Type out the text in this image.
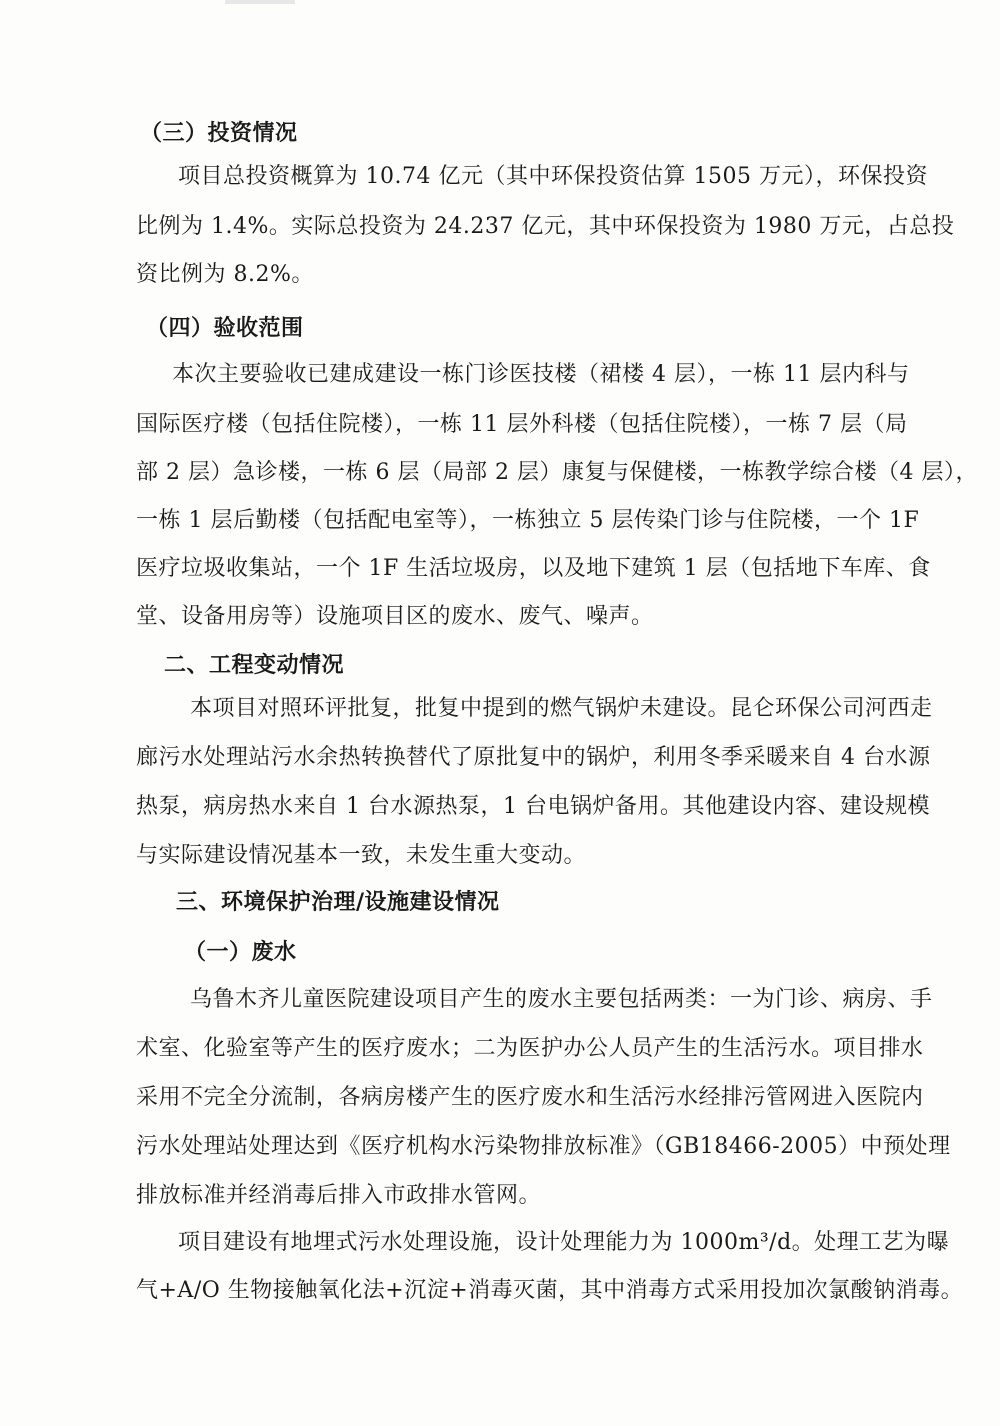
（三）投资情况
项目总投资概算为 10.74 亿元（其中环保投资估算 1505 万元），环保投资
比例为 1.4%。实际总投资为 24.237 亿元，其中环保投资为 1980 万元，占总投
资比例为 8.2%。
（四）验收范围
本次主要验收已建成建设一栋门诊医技楼（裙楼 4 层），一栋 11 层内科与
国际医疗楼（包括住院楼），一栋 11 层外科楼（包括住院楼），一栋 7 层（局
部 2 层）急诊楼，一栋 6 层（局部 2 层）康复与保健楼，一栋教学综合楼（4 层），
一栋 1 层后勤楼（包括配电室等），一栋独立 5 层传染门诊与住院楼，一个 1F
医疗垃圾收集站，一个 1F 生活垃圾房，以及地下建筑 1 层（包括地下车库、食
堂、设备用房等）设施项目区的废水、废气、噪声。
二、工程变动情况
本项目对照环评批复，批复中提到的燃气锅炉未建设。昆仑环保公司河西走
廊污水处理站污水余热转换替代了原批复中的锅炉，利用冬季采暖来自 4 台水源
热泵，病房热水来自 1 台水源热泵，1 台电锅炉备用。其他建设内容、建设规模
与实际建设情况基本一致，未发生重大变动。
三、环境保护治理/设施建设情况
（一）废水
乌鲁木齐儿童医院建设项目产生的废水主要包括两类：一为门诊、病房、手
术室、化验室等产生的医疗废水；二为医护办公人员产生的生活污水。项目排水
采用不完全分流制，各病房楼产生的医疗废水和生活污水经排污管网进入医院内
污水处理站处理达到《医疗机构水污染物排放标准》（GB18466-2005）中预处理
排放标准并经消毒后排入市政排水管网。
项目建设有地埋式污水处理设施，设计处理能力为 1000m³/d。处理工艺为曝
气+A/O 生物接触氧化法+沉淀+消毒灭菌，其中消毒方式采用投加次氯酸钠消毒。
